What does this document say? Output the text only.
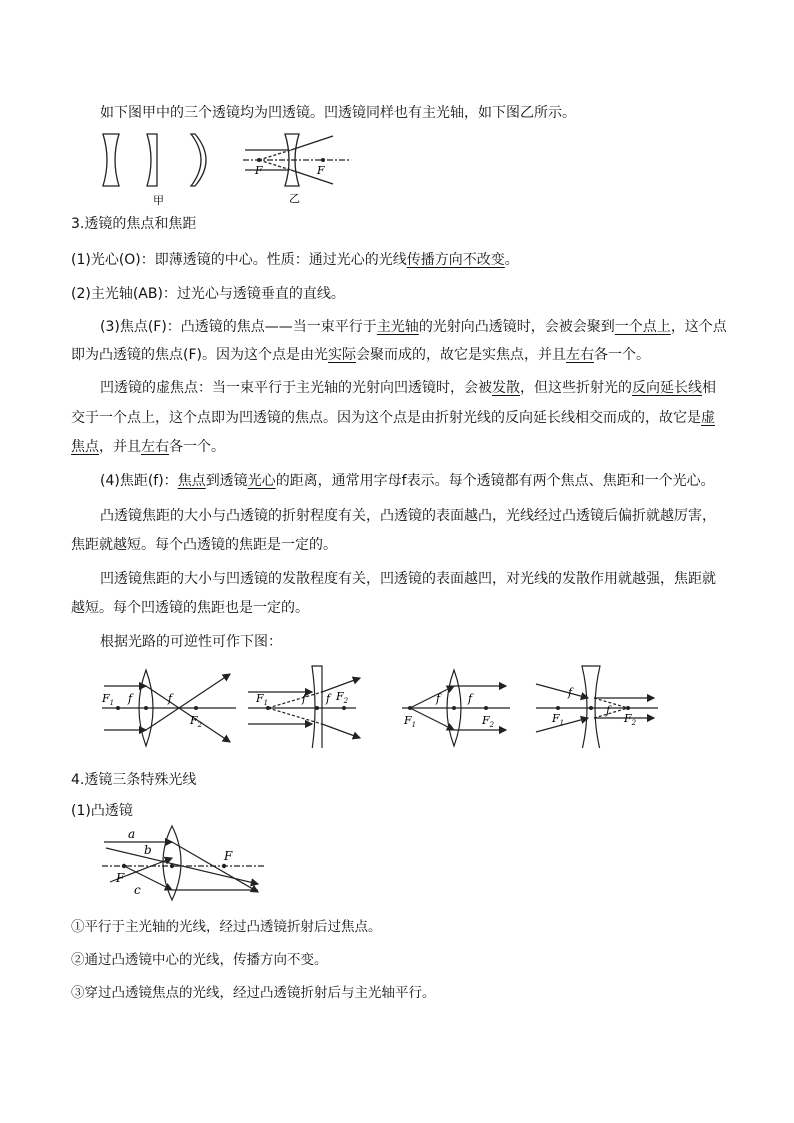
如下图甲中的三个透镜均为凹透镜。凹透镜同样也有主光轴，如下图乙所示。
甲
F	F
乙
3.透镜的焦点和焦距
(1)光心(O)：即薄透镜的中心。性质：通过光心的光线传播方向不改变。
(2)主光轴(AB)：过光心与透镜垂直的直线。
(3)焦点(F)：凸透镜的焦点——当一束平行于主光轴的光射向凸透镜时，会被会聚到一个点上，这个点
即为凸透镜的焦点(F)。因为这个点是由光实际会聚而成的，故它是实焦点，并且左右各一个。
凹透镜的虚焦点：当一束平行于主光轴的光射向凹透镜时，会被发散，但这些折射光的反向延长线相
交于一个点上，这个点即为凹透镜的焦点。因为这个点是由折射光线的反向延长线相交而成的，故它是虚
焦点，并且左右各一个。
(4)焦距(f)：焦点到透镜光心的距离，通常用字母f表示。每个透镜都有两个焦点、焦距和一个光心。
凸透镜焦距的大小与凸透镜的折射程度有关，凸透镜的表面越凸，光线经过凸透镜后偏折就越厉害，
焦距就越短。每个凸透镜的焦距是一定的。
凹透镜焦距的大小与凹透镜的发散程度有关，凹透镜的表面越凹，对光线的发散作用就越强，焦距就
越短。每个凹透镜的焦距也是一定的。
根据光路的可逆性可作下图：
$F_1$ f	f
$F_2$
$F_1$	f f $F_2$
$F_1$
f	f
$F_2$
f
$F_1$
f
$F_2$
4.透镜三条特殊光线
(1)凸透镜
a
b	F
F
c
①平行于主光轴的光线，经过凸透镜折射后过焦点。
②通过凸透镜中心的光线，传播方向不变。
③穿过凸透镜焦点的光线，经过凸透镜折射后与主光轴平行。
